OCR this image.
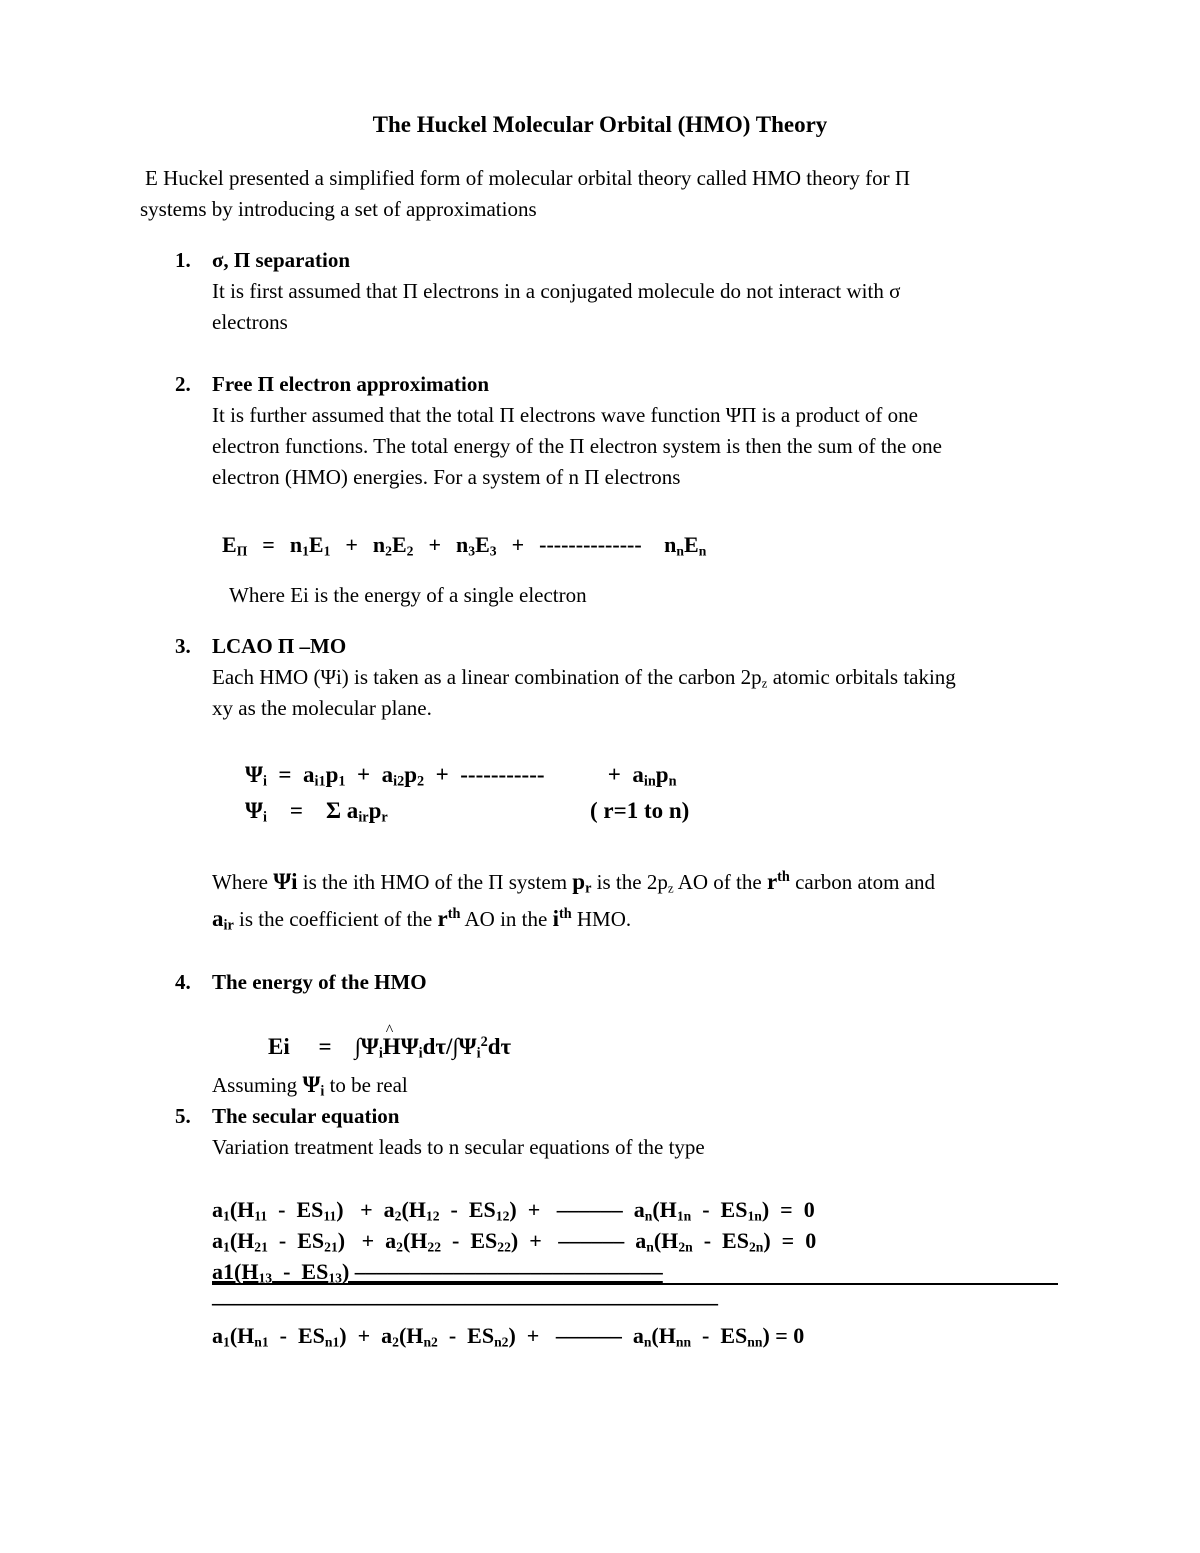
The Huckel Molecular Orbital (HMO) Theory
E Huckel presented a simplified form of molecular orbital theory called HMO theory for Π
systems by introducing a set of approximations
1. σ, Π separation
It is first assumed that Π electrons in a conjugated molecule do not interact with σ
electrons
2. Free Π electron approximation
It is further assumed that the total Π electrons wave function ΨΠ is a product of one
electron functions. The total energy of the Π electron system is then the sum of the one
electron (HMO) energies. For a system of n Π electrons
$E_\Pi = n_1E_1 + n_2E_2 + n_3E_3$  +  --------------   $n_nE_n$
Where Ei is the energy of a single electron
3. LCAO Π –MO
Each HMO (Ψi) is taken as a linear combination of the carbon $2p_z$ atomic orbitals taking
xy as the molecular plane.
$\Psi_i = a_{i1}p_1 + a_{i2}p_2$  +  -----------           +  $a_{in}p_n$
$\Psi_i$    =    Σ $a_{ir}p_r$	( r=1 to n)
Where Ψi is the ith HMO of the Π system $p_r$ is the $2p_z$ AO of the $r^{th}$ carbon atom and
$a_{ir}$ is the coefficient of the $r^{th}$ AO in the $i^{th}$ HMO.
4. The energy of the HMO
Ei     =    $\int\Psi_i\^{}$ $H\Psi_id\tau/\int\Psi_i^2d\tau$
Assuming $\Psi_i$ to be real
5. The secular equation
Variation treatment leads to n secular equations of the type
$a_1(H_{11} - ES_{11}) + a_2(H_{12} - ES_{12})$  +   ––––––  $a_n(H_{1n} - ES_{1n}) = 0$
$a_1(H_{21} - ES_{21}) + a_2(H_{22} - ES_{22})$  +   ––––––  $a_n(H_{2n} - ES_{2n}) = 0$
$a1(H_{13} - ES_{13})$ ––––––––––––––––––––––––––––
––––––––––––––––––––––––––––––––––––––––––––––
$a_1(H_{n1} - ES_{n1}) + a_2(H_{n2} - ES_{n2})$  +   ––––––  $a_n(H_{nn} - ES_{nn}) = 0$
